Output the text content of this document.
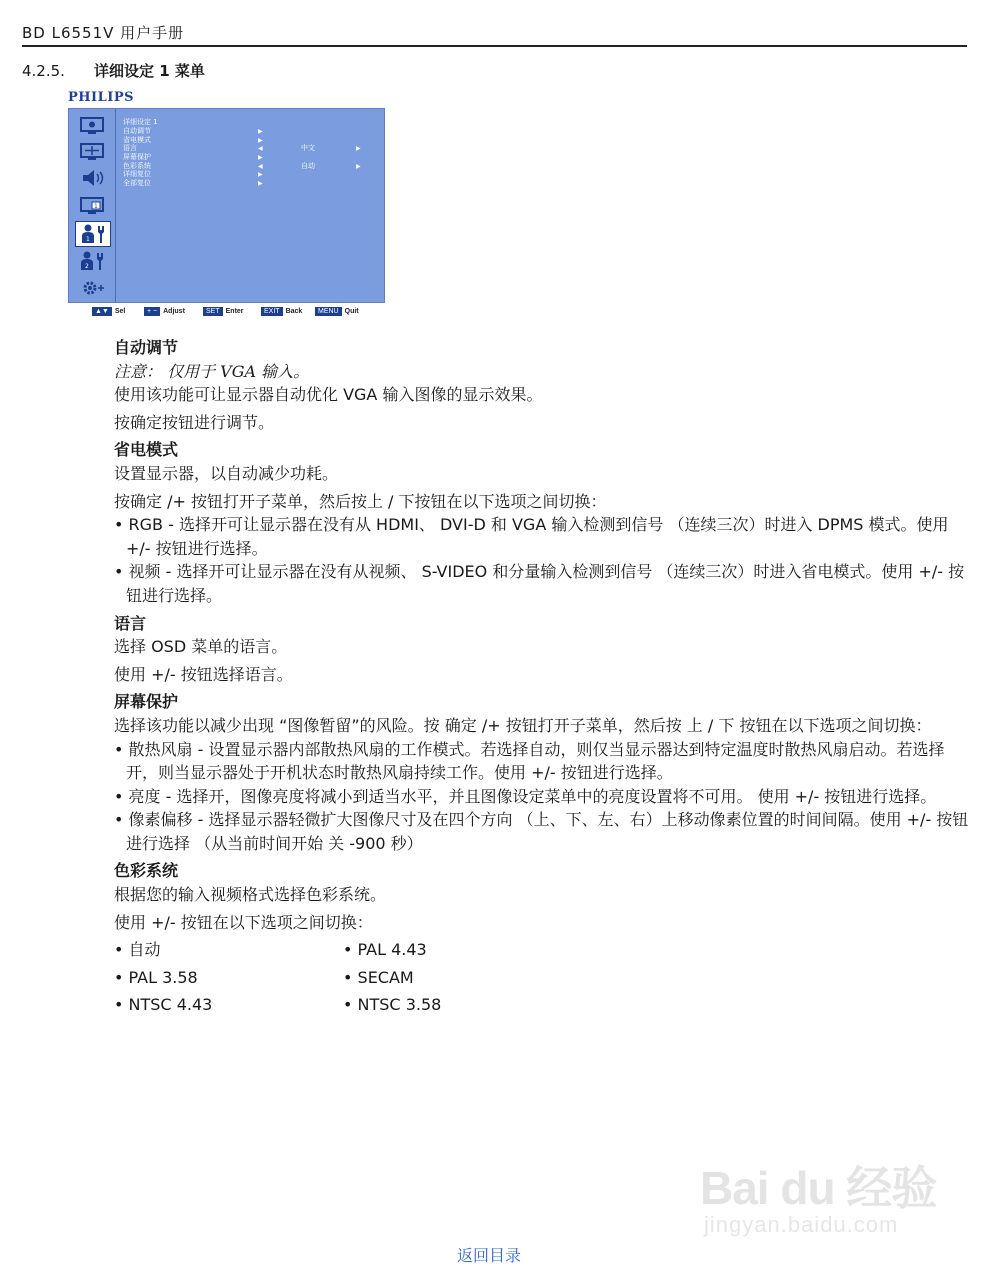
BD L6551V 用户手册
4.2.5. 详细设定 1 菜单
PHILIPS
1
1
2
详细设定 1
自动调节	▶
省电模式	▶
语言	◀	中文	▶
屏幕保护	▶
色彩系统	◀	自动	▶
详细复位	▶
全部复位	▶
▲▼ Sel	+ − Adjust	SET Enter	EXIT Back	MENU Quit

自动调节

注意： 仅用于 VGA 输入。

使用该功能可让显示器自动优化 VGA 输入图像的显示效果。

按确定按钮进行调节。

省电模式

设置显示器，以自动减少功耗。

按确定 /+ 按钮打开子菜单，然后按上 / 下按钮在以下选项之间切换：

• RGB - 选择开可让显示器在没有从 HDMI、 DVI-D 和 VGA 输入检测到信号 （连续三次）时进入 DPMS 模式。使用 +/- 按钮进行选择。

• 视频 - 选择开可让显示器在没有从视频、 S-VIDEO 和分量输入检测到信号 （连续三次）时进入省电模式。使用 +/- 按钮进行选择。

语言

选择 OSD 菜单的语言。

使用 +/- 按钮选择语言。

屏幕保护

选择该功能以减少出现 “图像暂留”的风险。按 确定 /+ 按钮打开子菜单，然后按 上 / 下 按钮在以下选项之间切换：

• 散热风扇 - 设置显示器内部散热风扇的工作模式。若选择自动，则仅当显示器达到特定温度时散热风扇启动。若选择开，则当显示器处于开机状态时散热风扇持续工作。使用 +/- 按钮进行选择。

• 亮度 - 选择开，图像亮度将减小到适当水平，并且图像设定菜单中的亮度设置将不可用。 使用 +/- 按钮进行选择。

• 像素偏移 - 选择显示器轻微扩大图像尺寸及在四个方向 （上、下、左、右）上移动像素位置的时间间隔。使用 +/- 按钮进行选择 （从当前时间开始 关 -900 秒）

色彩系统

根据您的输入视频格式选择色彩系统。

使用 +/- 按钮在以下选项之间切换：

• 自动	• PAL 4.43
• PAL 3.58	• SECAM
• NTSC 4.43	• NTSC 3.58
Bai du 经验
jingyan.baidu.com
返回目录
